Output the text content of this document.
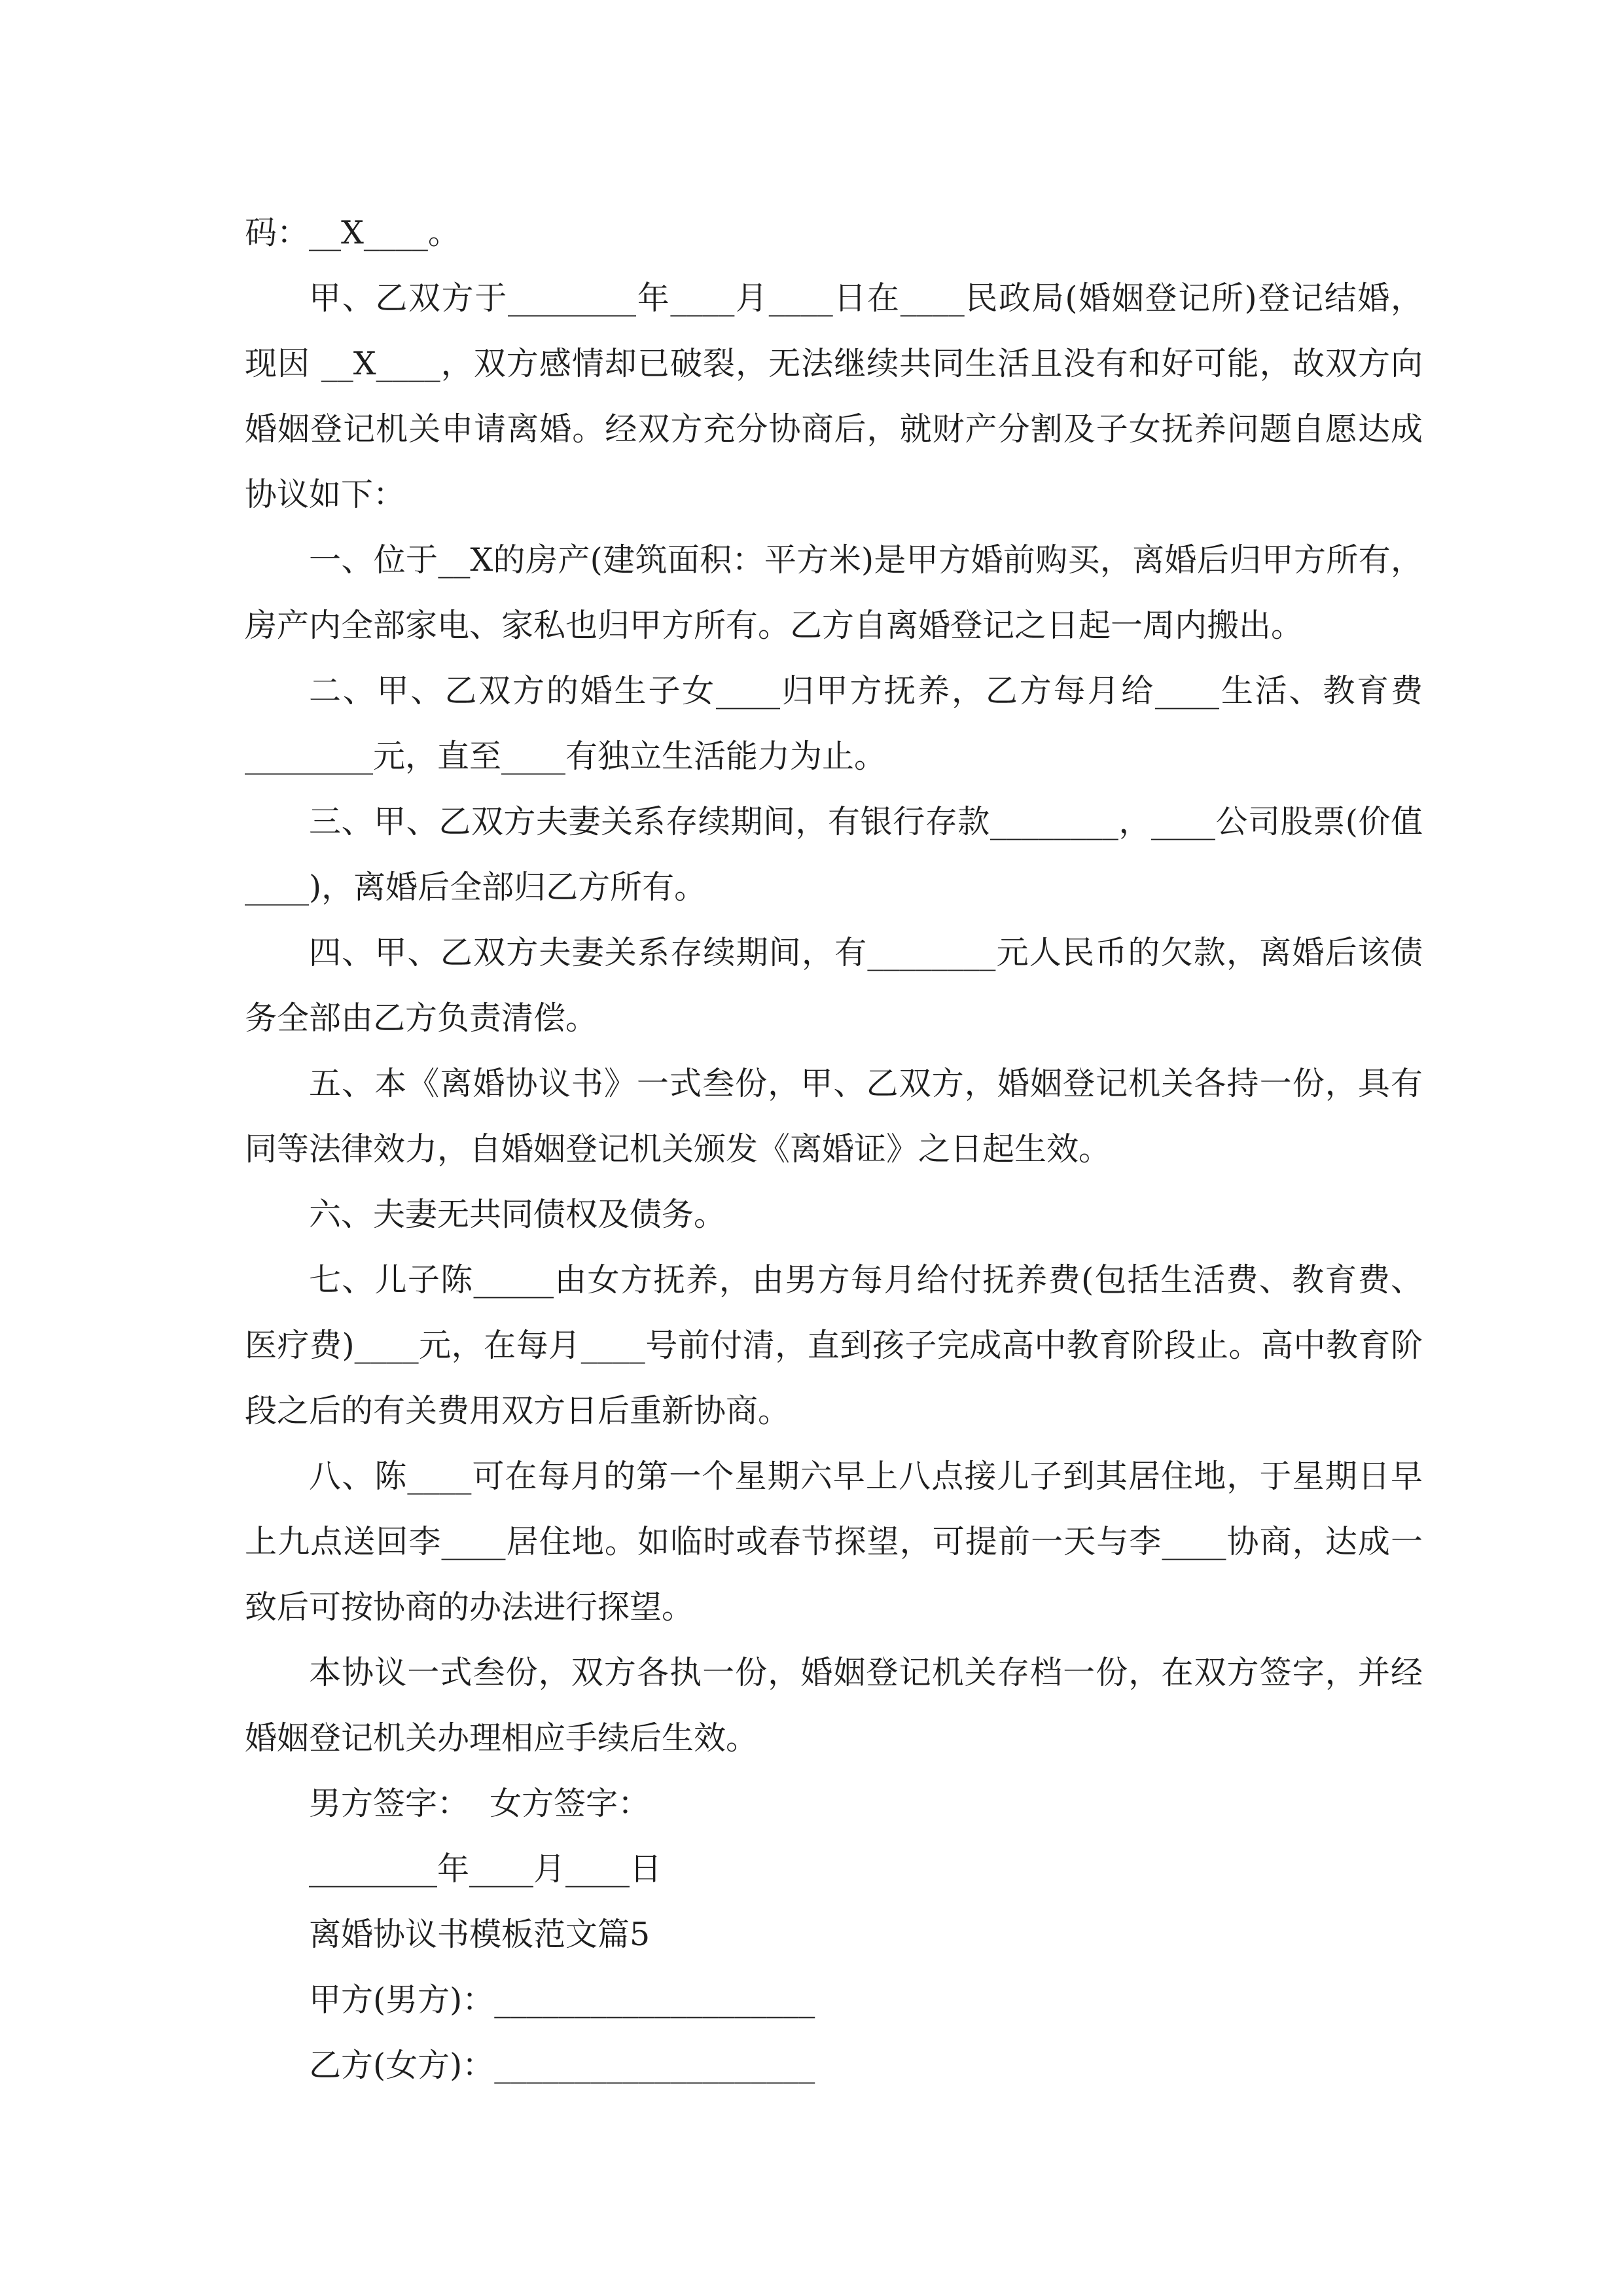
码：__X____。

甲、乙双方于________年____月____日在____民政局(婚姻登记所)登记结婚，现因 __X____，双方感情却已破裂，无法继续共同生活且没有和好可能，故双方向婚姻登记机关申请离婚。经双方充分协商后，就财产分割及子女抚养问题自愿达成协议如下：

一、位于__X的房产(建筑面积：平方米)是甲方婚前购买，离婚后归甲方所有，房产内全部家电、家私也归甲方所有。乙方自离婚登记之日起一周内搬出。

二、甲、乙双方的婚生子女____归甲方抚养，乙方每月给____生活、教育费________元，直至____有独立生活能力为止。

三、甲、乙双方夫妻关系存续期间，有银行存款________，____公司股票(价值____)，离婚后全部归乙方所有。

四、甲、乙双方夫妻关系存续期间，有________元人民币的欠款，离婚后该债务全部由乙方负责清偿。

五、本《离婚协议书》一式叁份，甲、乙双方，婚姻登记机关各持一份，具有同等法律效力，自婚姻登记机关颁发《离婚证》之日起生效。

六、夫妻无共同债权及债务。

七、儿子陈_____由女方抚养，由男方每月给付抚养费(包括生活费、教育费、医疗费)____元，在每月____号前付清，直到孩子完成高中教育阶段止。高中教育阶段之后的有关费用双方日后重新协商。

八、陈____可在每月的第一个星期六早上八点接儿子到其居住地，于星期日早上九点送回李____居住地。如临时或春节探望，可提前一天与李____协商，达成一致后可按协商的办法进行探望。

本协议一式叁份，双方各执一份，婚姻登记机关存档一份，在双方签字，并经婚姻登记机关办理相应手续后生效。

男方签字：  女方签字：

________年____月____日

离婚协议书模板范文篇5

甲方(男方)：____________________

乙方(女方)：____________________
